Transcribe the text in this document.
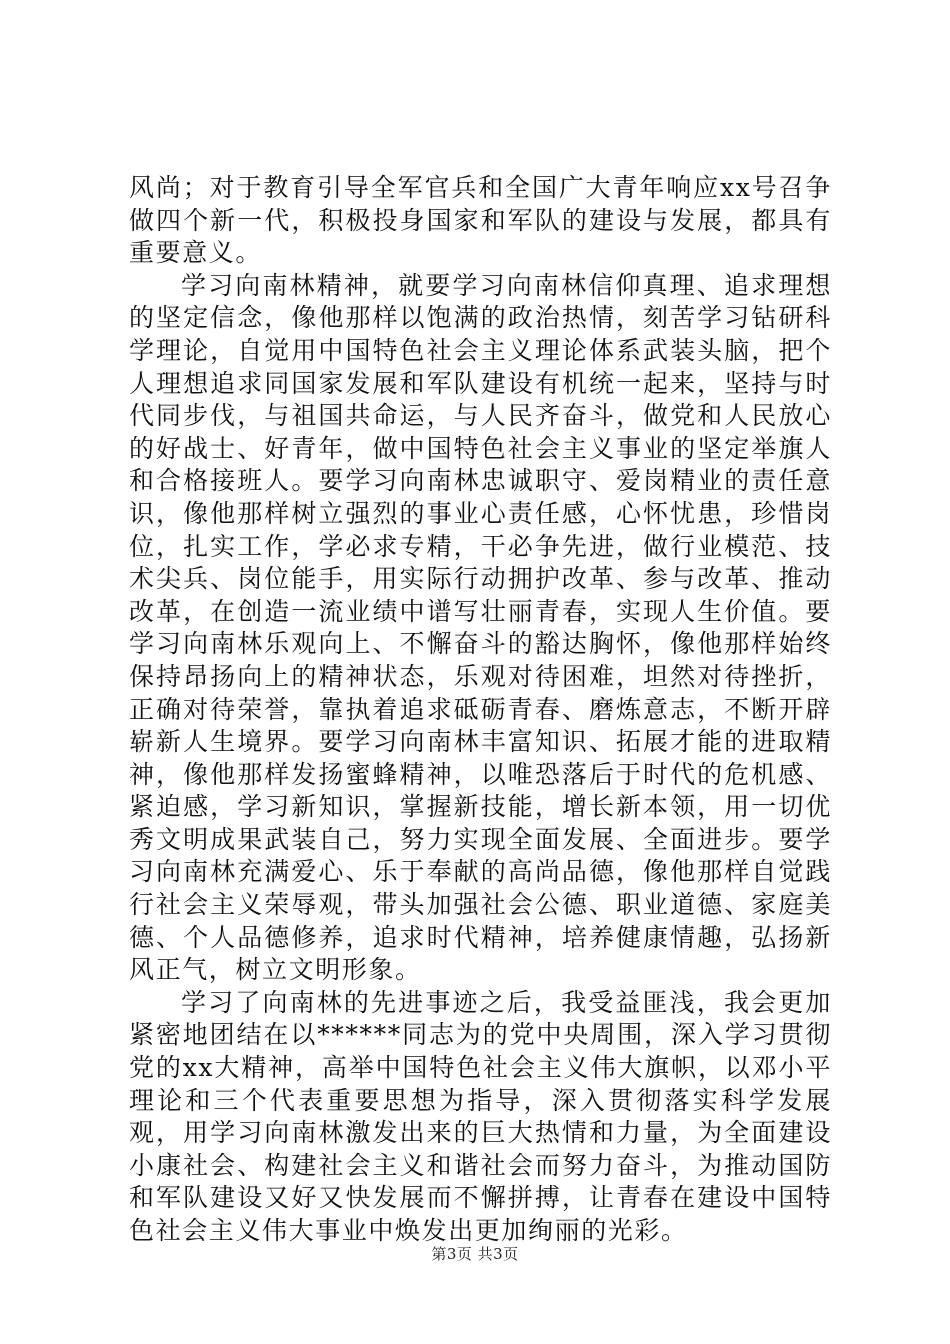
风尚；对于教育引导全军官兵和全国广大青年响应xx号召争做四个新一代，积极投身国家和军队的建设与发展，都具有重要意义。

学习向南林精神，就要学习向南林信仰真理、追求理想的坚定信念，像他那样以饱满的政治热情，刻苦学习钻研科学理论，自觉用中国特色社会主义理论体系武装头脑，把个人理想追求同国家发展和军队建设有机统一起来，坚持与时代同步伐，与祖国共命运，与人民齐奋斗，做党和人民放心的好战士、好青年，做中国特色社会主义事业的坚定举旗人和合格接班人。要学习向南林忠诚职守、爱岗精业的责任意识，像他那样树立强烈的事业心责任感，心怀忧患，珍惜岗位，扎实工作，学必求专精，干必争先进，做行业模范、技术尖兵、岗位能手，用实际行动拥护改革、参与改革、推动改革，在创造一流业绩中谱写壮丽青春，实现人生价值。要学习向南林乐观向上、不懈奋斗的豁达胸怀，像他那样始终保持昂扬向上的精神状态，乐观对待困难，坦然对待挫折，正确对待荣誉，靠执着追求砥砺青春、磨炼意志，不断开辟崭新人生境界。要学习向南林丰富知识、拓展才能的进取精神，像他那样发扬蜜蜂精神，以唯恐落后于时代的危机感、紧迫感，学习新知识，掌握新技能，增长新本领，用一切优秀文明成果武装自己，努力实现全面发展、全面进步。要学习向南林充满爱心、乐于奉献的高尚品德，像他那样自觉践行社会主义荣辱观，带头加强社会公德、职业道德、家庭美德、个人品德修养，追求时代精神，培养健康情趣，弘扬新风正气，树立文明形象。

学习了向南林的先进事迹之后，我受益匪浅，我会更加紧密地团结在以******同志为的党中央周围，深入学习贯彻党的xx大精神，高举中国特色社会主义伟大旗帜，以邓小平理论和三个代表重要思想为指导，深入贯彻落实科学发展观，用学习向南林激发出来的巨大热情和力量，为全面建设小康社会、构建社会主义和谐社会而努力奋斗，为推动国防和军队建设又好又快发展而不懈拼搏，让青春在建设中国特色社会主义伟大事业中焕发出更加绚丽的光彩。

第3页 共3页
